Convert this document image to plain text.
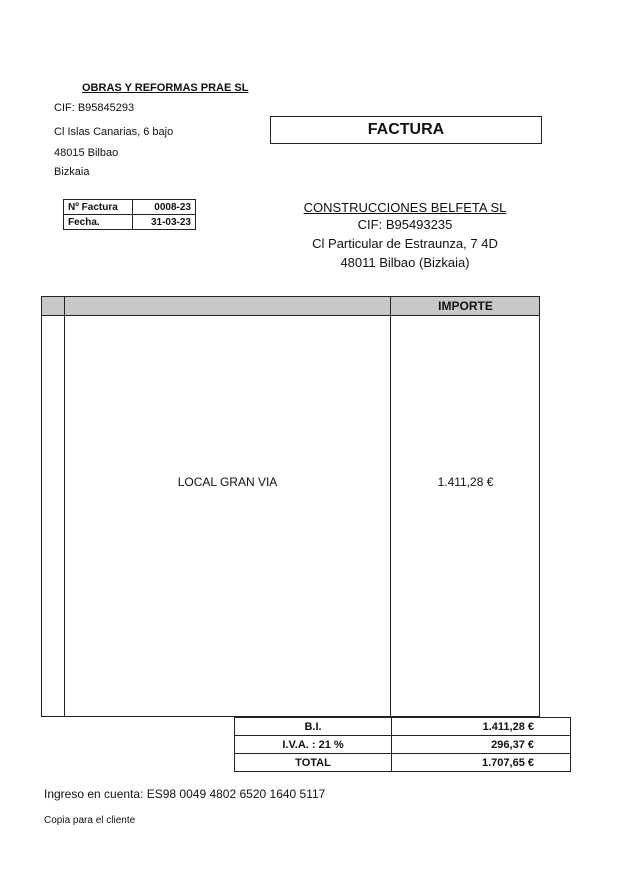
OBRAS Y REFORMAS PRAE SL
CIF: B95845293
Cl Islas Canarias, 6 bajo
48015 Bilbao
Bizkaia
FACTURA
Nº Factura	0008-23
Fecha.	31-03-23
CONSTRUCCIONES BELFETA SL
CIF: B95493235
Cl Particular de Estraunza, 7 4D
48011 Bilbao (Bizkaia)
IMPORTE
LOCAL GRAN VIA	1.411,28 €
B.I.	1.411,28 €
I.V.A. : 21 %	296,37 €
TOTAL	1.707,65 €
Ingreso en cuenta: ES98 0049 4802 6520 1640 5117
Copia para el cliente
